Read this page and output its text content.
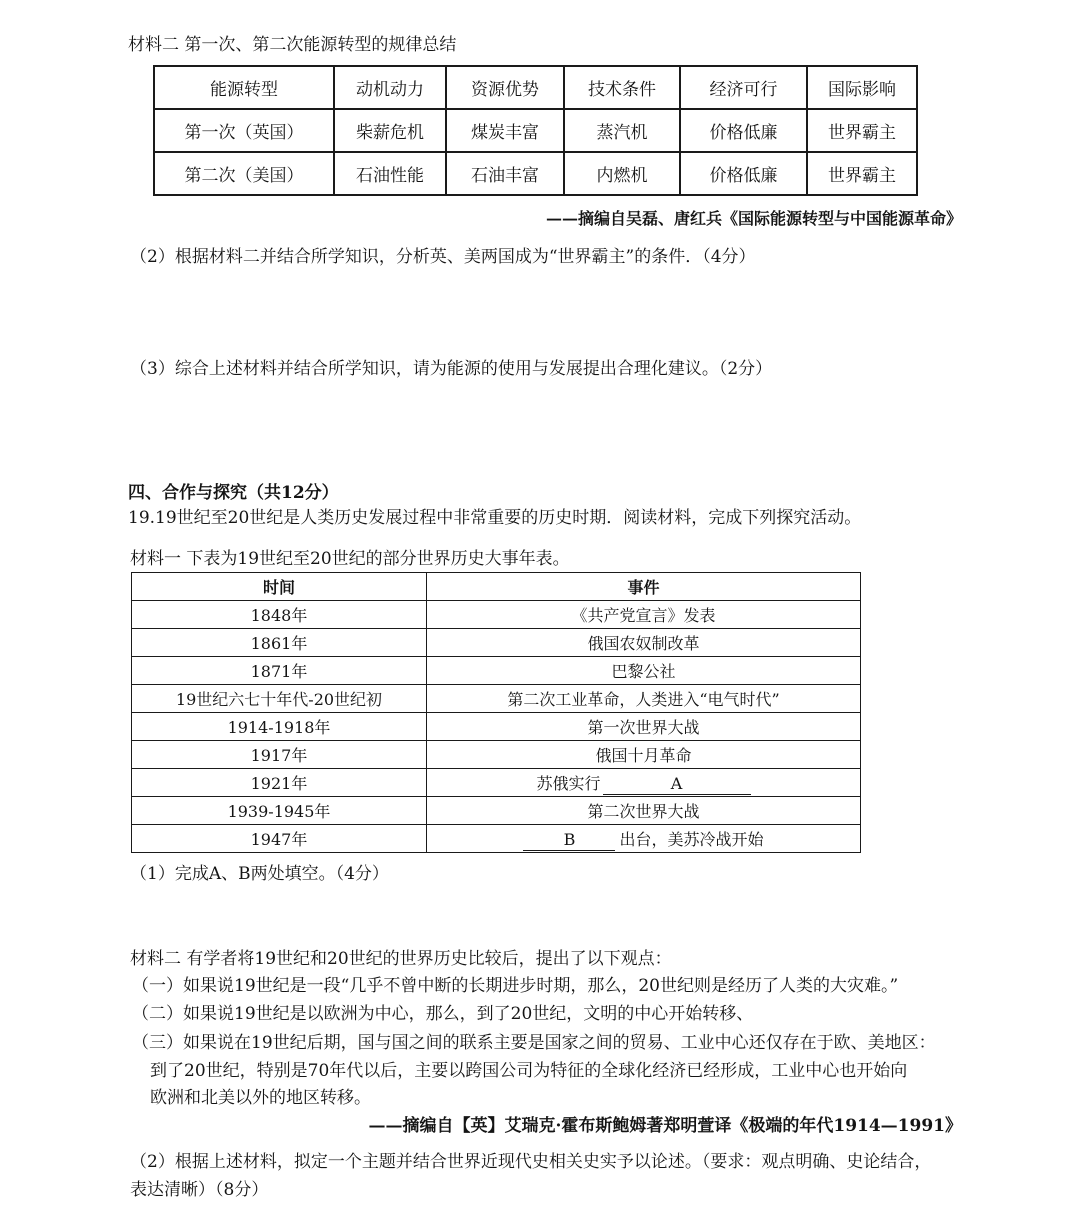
材料二 第一次、第二次能源转型的规律总结
能源转型	动机动力	资源优势	技术条件	经济可行	国际影响
第一次（英国）	柴薪危机	煤炭丰富	蒸汽机	价格低廉	世界霸主
第二次（美国）	石油性能	石油丰富	内燃机	价格低廉	世界霸主
——摘编自吴磊、唐红兵《国际能源转型与中国能源革命》
（2）根据材料二并结合所学知识，分析英、美两国成为“世界霸主”的条件．（4分）
（3）综合上述材料并结合所学知识，请为能源的使用与发展提出合理化建议。（2分）
四、合作与探究（共12分）
19.19世纪至20世纪是人类历史发展过程中非常重要的历史时期．阅读材料，完成下列探究活动。
材料一 下表为19世纪至20世纪的部分世界历史大事年表。
时间	事件
1848年	《共产党宣言》发表
1861年	俄国农奴制改革
1871年	巴黎公社
19世纪六七十年代-20世纪初	第二次工业革命，人类进入“电气时代”
1914-1918年	第一次世界大战
1917年	俄国十月革命
1921年	苏俄实行 A
1939-1945年	第二次世界大战
1947年	B 出台，美苏冷战开始
（1）完成A、B两处填空。（4分）
材料二 有学者将19世纪和20世纪的世界历史比较后，提出了以下观点：
（一）如果说19世纪是一段“几乎不曾中断的长期进步时期，那么，20世纪则是经历了人类的大灾难。”
（二）如果说19世纪是以欧洲为中心，那么，到了20世纪，文明的中心开始转移、
（三）如果说在19世纪后期，国与国之间的联系主要是国家之间的贸易、工业中心还仅存在于欧、美地区：
到了20世纪，特别是70年代以后，主要以跨国公司为特征的全球化经济已经形成，工业中心也开始向
欧洲和北美以外的地区转移。
——摘编自【英】艾瑞克·霍布斯鲍姆著郑明萱译《极端的年代1914—1991》
（2）根据上述材料，拟定一个主题并结合世界近现代史相关史实予以论述。（要求：观点明确、史论结合，
表达清晰）（8分）
